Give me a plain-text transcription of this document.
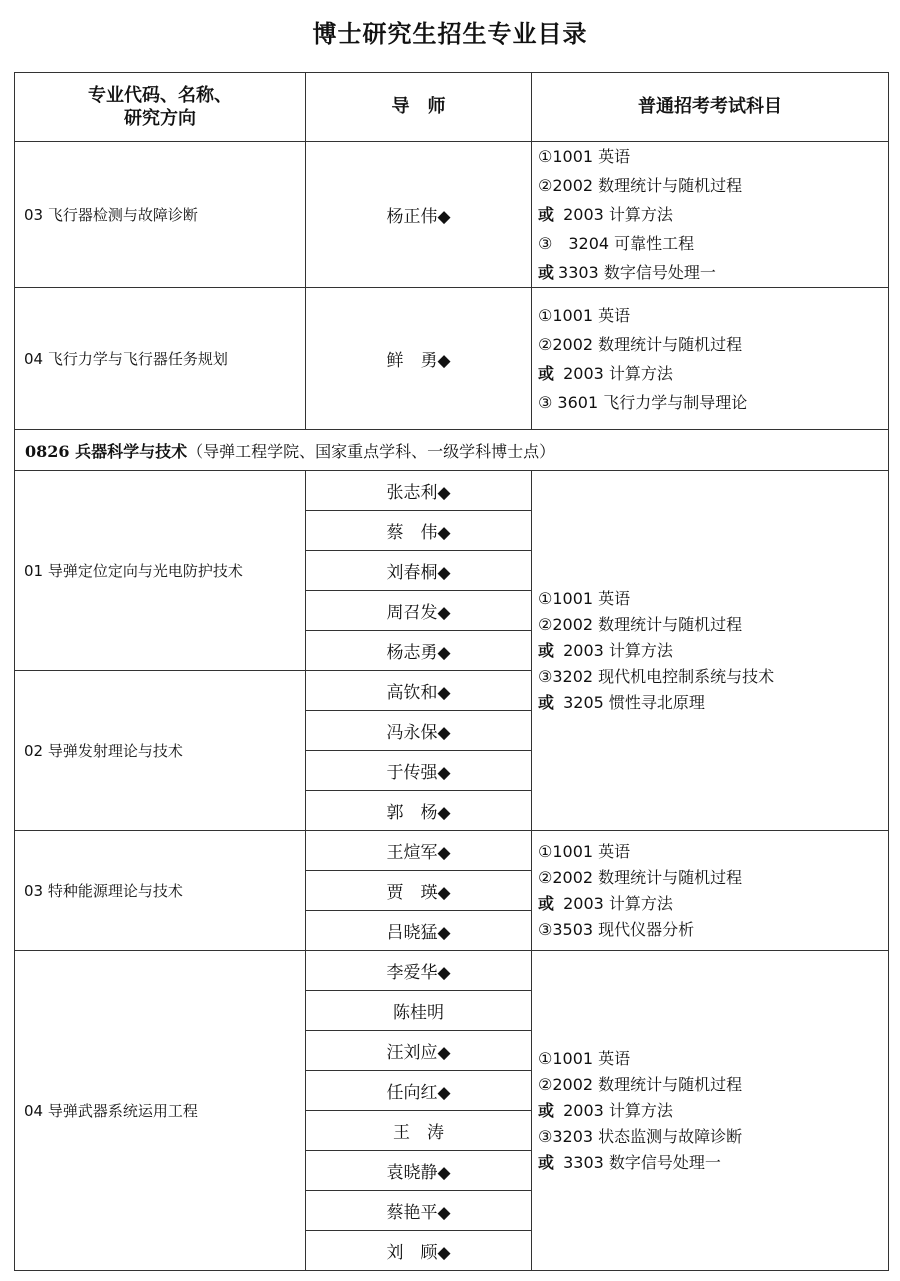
博士研究生招生专业目录
专业代码、名称、
研究方向	导　师	普通招考考试科目
03 飞行器检测与故障诊断	杨正伟◆	①1001 英语
②2002 数理统计与随机过程
或 2003 计算方法
③　3204 可靠性工程
或 3303 数字信号处理一

04 飞行力学与飞行器任务规划	鲜　勇◆	①1001 英语
②2002 数理统计与随机过程
或 2003 计算方法
③ 3601 飞行力学与制导理论

0826 兵器科学与技术（导弹工程学院、国家重点学科、一级学科博士点）		
01 导弹定位定向与光电防护技术	张志利◆	①1001 英语
②2002 数理统计与随机过程
或 2003 计算方法
③3202 现代机电控制系统与技术
或 3205 惯性寻北原理

	蔡　伟◆	
	刘春桐◆	
	周召发◆	
	杨志勇◆	
02 导弹发射理论与技术	高钦和◆	
	冯永保◆	
	于传强◆	
	郭　杨◆	
03 特种能源理论与技术	王煊军◆	①1001 英语
②2002 数理统计与随机过程
或 2003 计算方法
③3503 现代仪器分析

	贾　瑛◆	
	吕晓猛◆	
04 导弹武器系统运用工程	李爱华◆	①1001 英语
②2002 数理统计与随机过程
或 2003 计算方法
③3203 状态监测与故障诊断
或 3303 数字信号处理一

	陈桂明	
	汪刘应◆	
	任向红◆	
	王　涛	
	袁晓静◆	
	蔡艳平◆	
	刘　顾◆	
